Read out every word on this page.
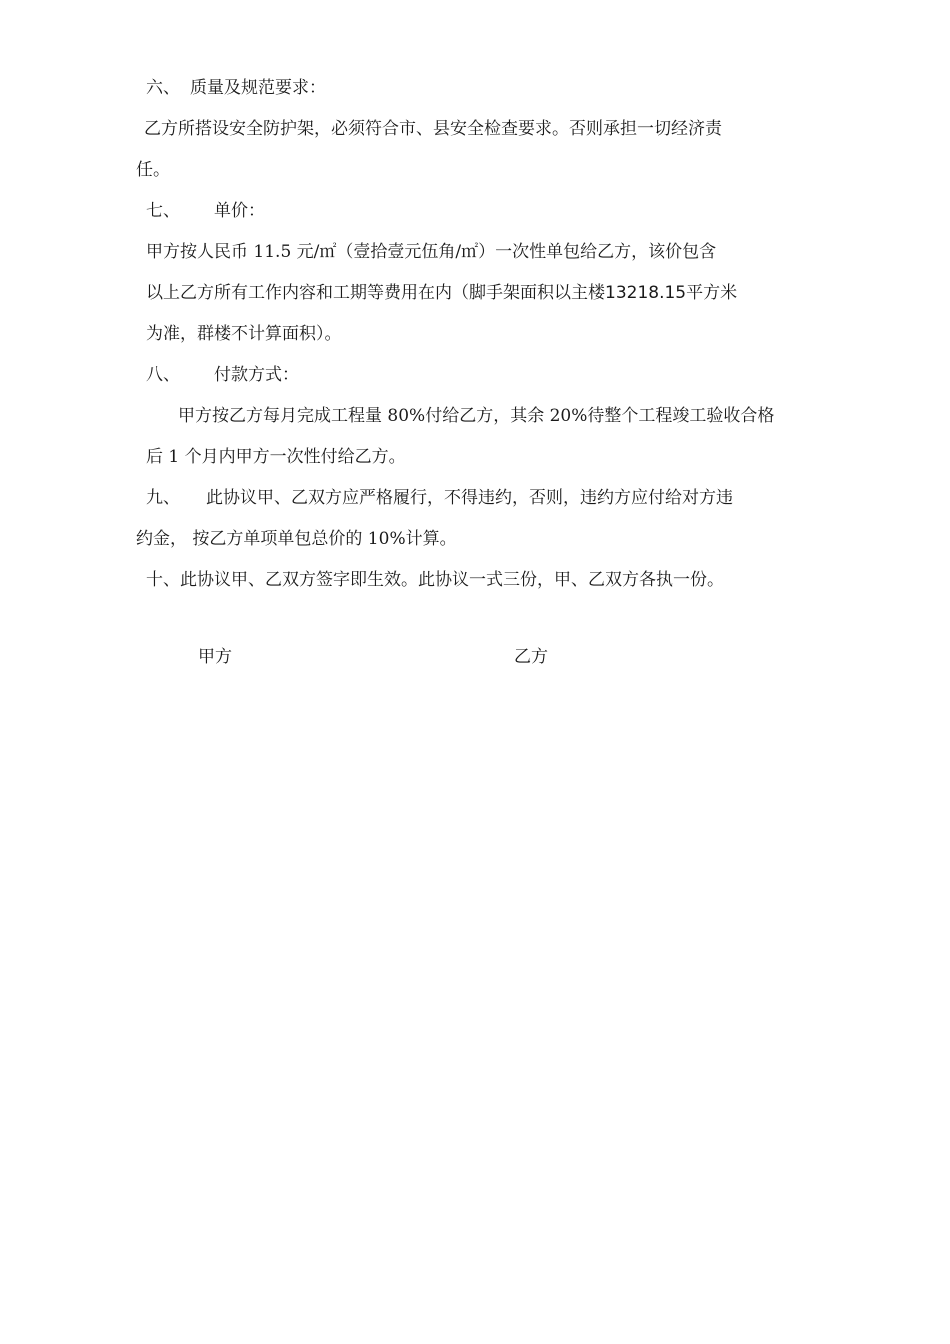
六、 质量及规范要求：
乙方所搭设安全防护架，必须符合市、县安全检查要求。否则承担一切经济责
任。
七、 单价：
甲方按人民币 11.5 元/㎡（壹拾壹元伍角/㎡）一次性单包给乙方，该价包含
以上乙方所有工作内容和工期等费用在内（脚手架面积以主楼13218.15平方米
为准，群楼不计算面积）。
八、 付款方式：
甲方按乙方每月完成工程量 80%付给乙方，其余 20%待整个工程竣工验收合格
后 1 个月内甲方一次性付给乙方。
九、 此协议甲、乙双方应严格履行，不得违约，否则，违约方应付给对方违
约金， 按乙方单项单包总价的 10%计算。
十、此协议甲、乙双方签字即生效。此协议一式三份，甲、乙双方各执一份。
甲方	乙方
